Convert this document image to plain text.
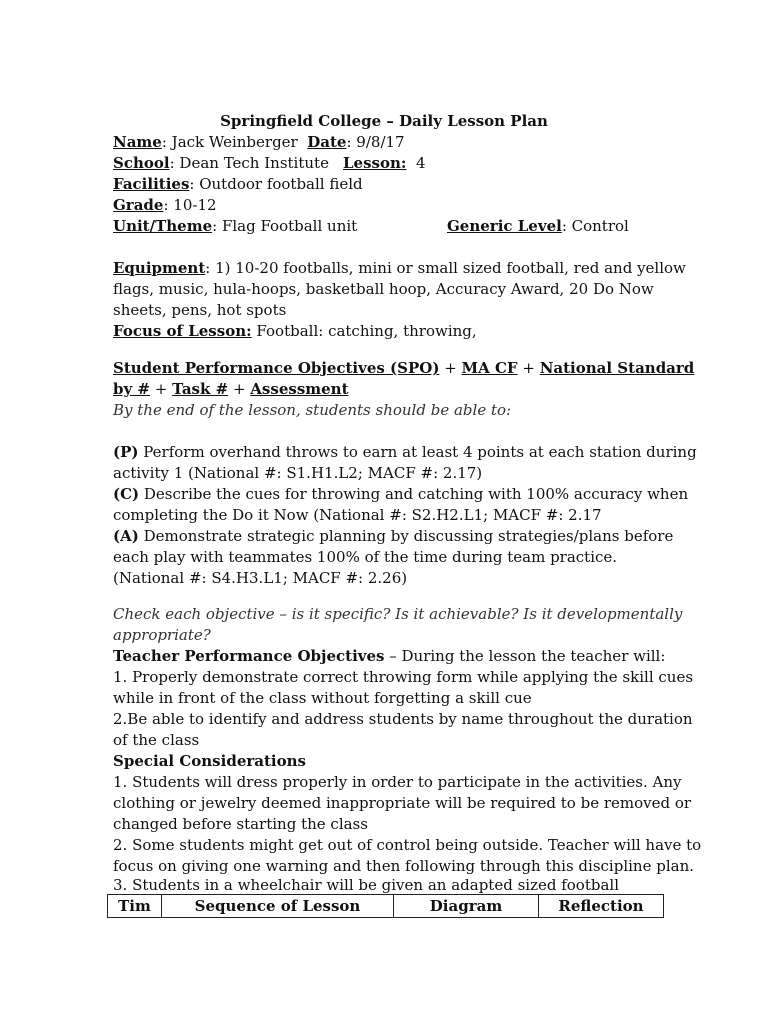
Springfield College – Daily Lesson Plan
Name: Jack Weinberger Date: 9/8/17
School: Dean Tech Institute Lesson: 4
Facilities: Outdoor football field
Grade: 10-12
Unit/Theme: Flag Football unit	Generic Level: Control
Equipment: 1) 10-20 footballs, mini or small sized football, red and yellow
flags, music, hula-hoops, basketball hoop, Accuracy Award, 20 Do Now
sheets, pens, hot spots
Focus of Lesson: Football: catching, throwing,
Student Performance Objectives (SPO) + MA CF + National Standard
by # + Task # + Assessment
By the end of the lesson, students should be able to:
(P) Perform overhand throws to earn at least 4 points at each station during
activity 1 (National #: S1.H1.L2; MACF #: 2.17)
(C) Describe the cues for throwing and catching with 100% accuracy when
completing the Do it Now (National #: S2.H2.L1; MACF #: 2.17
(A) Demonstrate strategic planning by discussing strategies/plans before
each play with teammates 100% of the time during team practice.
(National #: S4.H3.L1; MACF #: 2.26)
Check each objective – is it specific? Is it achievable? Is it developmentally
appropriate?
Teacher Performance Objectives – During the lesson the teacher will:
1. Properly demonstrate correct throwing form while applying the skill cues
while in front of the class without forgetting a skill cue
2.Be able to identify and address students by name throughout the duration
of the class
Special Considerations
1. Students will dress properly in order to participate in the activities. Any
clothing or jewelry deemed inappropriate will be required to be removed or
changed before starting the class
2. Some students might get out of control being outside. Teacher will have to
focus on giving one warning and then following through this discipline plan.
3. Students in a wheelchair will be given an adapted sized football
Tim	Sequence of Lesson	Diagram	Reflection
